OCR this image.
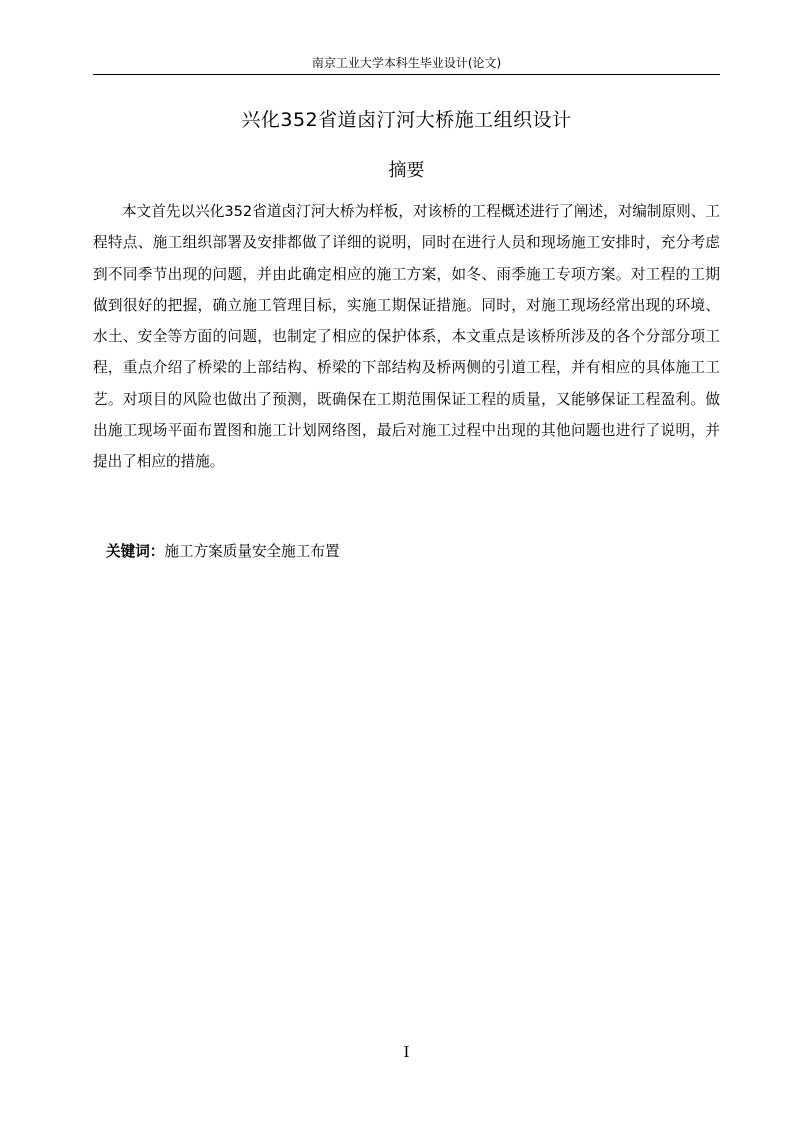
南京工业大学本科生毕业设计(论文)
兴化352省道卤汀河大桥施工组织设计
摘要

本文首先以兴化352省道卤汀河大桥为样板，对该桥的工程概述进行了阐述，对编制原则、工程特点、施工组织部署及安排都做了详细的说明，同时在进行人员和现场施工安排时，充分考虑到不同季节出现的问题，并由此确定相应的施工方案，如冬、雨季施工专项方案。对工程的工期做到很好的把握，确立施工管理目标，实施工期保证措施。同时，对施工现场经常出现的环境、水土、安全等方面的问题，也制定了相应的保护体系，本文重点是该桥所涉及的各个分部分项工程，重点介绍了桥梁的上部结构、桥梁的下部结构及桥两侧的引道工程，并有相应的具体施工工艺。对项目的风险也做出了预测，既确保在工期范围保证工程的质量，又能够保证工程盈利。做出施工现场平面布置图和施工计划网络图，最后对施工过程中出现的其他问题也进行了说明，并提出了相应的措施。

关键词：施工方案质量安全施工布置
I
